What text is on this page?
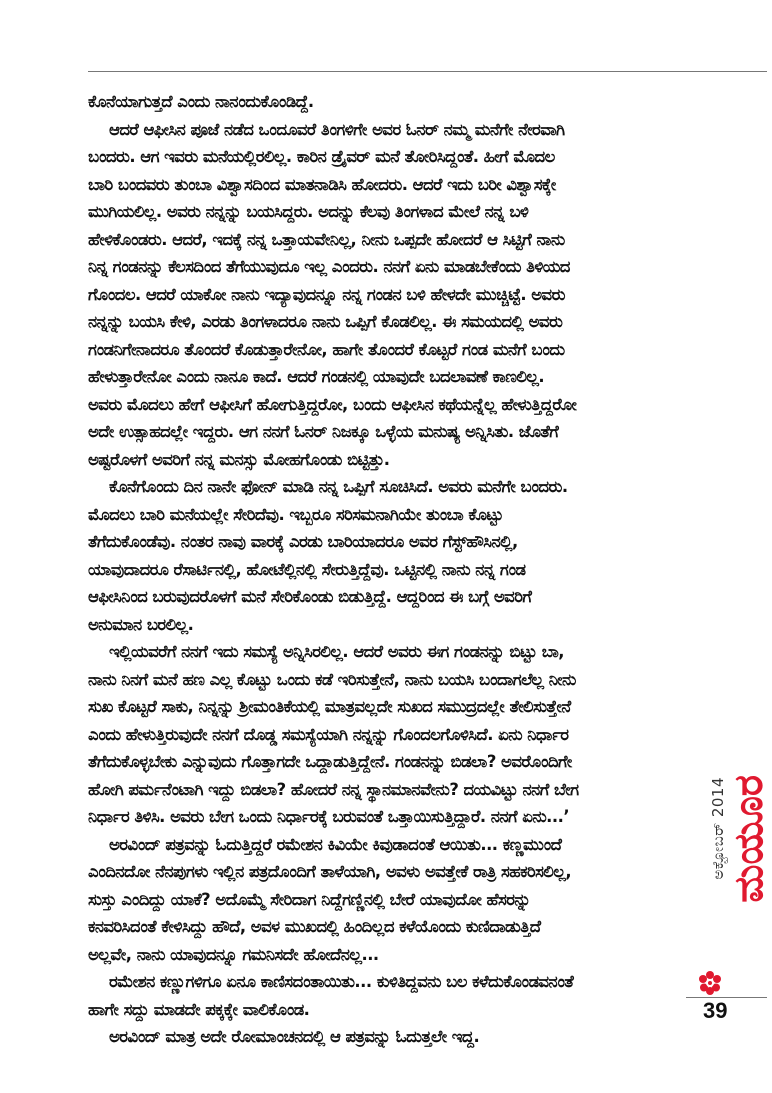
ಕೊನೆಯಾಗುತ್ತದೆ ಎಂದು ನಾನಂದುಕೊಂಡಿದ್ದೆ.

ಆದರೆ ಆಫೀಸಿನ ಪೂಜೆ ನಡೆದ ಒಂದೂವರೆ ತಿಂಗಳಿಗೇ ಅವರ ಓನರ್ ನಮ್ಮ ಮನೆಗೇ ನೇರವಾಗಿ

ಬಂದರು. ಆಗ ಇವರು ಮನೆಯಲ್ಲಿರಲಿಲ್ಲ. ಕಾರಿನ ಡ್ರೈವರ್ ಮನೆ ತೋರಿಸಿದ್ದಂತೆ. ಹೀಗೆ ಮೊದಲ

ಬಾರಿ ಬಂದವರು ತುಂಬಾ ವಿಶ್ವಾಸದಿಂದ ಮಾತನಾಡಿಸಿ ಹೋದರು. ಆದರೆ ಇದು ಬರೀ ವಿಶ್ವಾಸಕ್ಕೇ

ಮುಗಿಯಲಿಲ್ಲ. ಅವರು ನನ್ನನ್ನು ಬಯಸಿದ್ದರು. ಅದನ್ನು ಕೆಲವು ತಿಂಗಳಾದ ಮೇಲೆ ನನ್ನ ಬಳಿ

ಹೇಳಿಕೊಂಡರು. ಆದರೆ, ಇದಕ್ಕೆ ನನ್ನ ಒತ್ತಾಯವೇನಿಲ್ಲ, ನೀನು ಒಪ್ಪದೇ ಹೋದರೆ ಆ ಸಿಟ್ಟಿಗೆ ನಾನು

ನಿನ್ನ ಗಂಡನನ್ನು ಕೆಲಸದಿಂದ ತೆಗೆಯುವುದೂ ಇಲ್ಲ ಎಂದರು. ನನಗೆ ಏನು ಮಾಡಬೇಕೆಂದು ತಿಳಿಯದ

ಗೊಂದಲ. ಆದರೆ ಯಾಕೋ ನಾನು ಇದ್ಯಾವುದನ್ನೂ ನನ್ನ ಗಂಡನ ಬಳಿ ಹೇಳದೇ ಮುಚ್ಚಿಟ್ಟೆ. ಅವರು

ನನ್ನನ್ನು ಬಯಸಿ ಕೇಳಿ, ಎರಡು ತಿಂಗಳಾದರೂ ನಾನು ಒಪ್ಪಿಗೆ ಕೊಡಲಿಲ್ಲ. ಈ ಸಮಯದಲ್ಲಿ ಅವರು

ಗಂಡನಿಗೇನಾದರೂ ತೊಂದರೆ ಕೊಡುತ್ತಾರೇನೋ, ಹಾಗೇ ತೊಂದರೆ ಕೊಟ್ಟರೆ ಗಂಡ ಮನೆಗೆ ಬಂದು

ಹೇಳುತ್ತಾರೇನೋ ಎಂದು ನಾನೂ ಕಾದೆ. ಆದರೆ ಗಂಡನಲ್ಲಿ ಯಾವುದೇ ಬದಲಾವಣೆ ಕಾಣಲಿಲ್ಲ.

ಅವರು ಮೊದಲು ಹೇಗೆ ಆಫೀಸಿಗೆ ಹೋಗುತ್ತಿದ್ದರೋ, ಬಂದು ಆಫೀಸಿನ ಕಥೆಯನ್ನೆಲ್ಲ ಹೇಳುತ್ತಿದ್ದರೋ

ಅದೇ ಉತ್ಸಾಹದಲ್ಲೇ ಇದ್ದರು. ಆಗ ನನಗೆ ಓನರ್ ನಿಜಕ್ಕೂ ಒಳ್ಳೆಯ ಮನುಷ್ಯ ಅನ್ನಿಸಿತು. ಜೊತೆಗೆ

ಅಷ್ಟರೊಳಗೆ ಅವರಿಗೆ ನನ್ನ ಮನಸ್ಸು ಮೋಹಗೊಂಡು ಬಿಟ್ಟಿತ್ತು.

ಕೊನೆಗೊಂದು ದಿನ ನಾನೇ ಫೋನ್ ಮಾಡಿ ನನ್ನ ಒಪ್ಪಿಗೆ ಸೂಚಿಸಿದೆ. ಅವರು ಮನೆಗೇ ಬಂದರು.

ಮೊದಲು ಬಾರಿ ಮನೆಯಲ್ಲೇ ಸೇರಿದೆವು. ಇಬ್ಬರೂ ಸರಿಸಮನಾಗಿಯೇ ತುಂಬಾ ಕೊಟ್ಟು

ತೆಗೆದುಕೊಂಡೆವು. ನಂತರ ನಾವು ವಾರಕ್ಕೆ ಎರಡು ಬಾರಿಯಾದರೂ ಅವರ ಗೆಸ್ಟ್‌ಹೌಸಿನಲ್ಲಿ,

ಯಾವುದಾದರೂ ರೆಸಾರ್ಟಿನಲ್ಲಿ, ಹೋಟೆಲ್ಲಿನಲ್ಲಿ ಸೇರುತ್ತಿದ್ದೆವು. ಒಟ್ಟಿನಲ್ಲಿ ನಾನು ನನ್ನ ಗಂಡ

ಆಫೀಸಿನಿಂದ ಬರುವುದರೊಳಗೆ ಮನೆ ಸೇರಿಕೊಂಡು ಬಿಡುತ್ತಿದ್ದೆ. ಆದ್ದರಿಂದ ಈ ಬಗ್ಗೆ ಅವರಿಗೆ

ಅನುಮಾನ ಬರಲಿಲ್ಲ.

ಇಲ್ಲಿಯವರೆಗೆ ನನಗೆ ಇದು ಸಮಸ್ಯೆ ಅನ್ನಿಸಿರಲಿಲ್ಲ. ಆದರೆ ಅವರು ಈಗ ಗಂಡನನ್ನು ಬಿಟ್ಟು ಬಾ,

ನಾನು ನಿನಗೆ ಮನೆ ಹಣ ಎಲ್ಲ ಕೊಟ್ಟು ಒಂದು ಕಡೆ ಇರಿಸುತ್ತೇನೆ, ನಾನು ಬಯಸಿ ಬಂದಾಗಲೆಲ್ಲ ನೀನು

ಸುಖ ಕೊಟ್ಟರೆ ಸಾಕು, ನಿನ್ನನ್ನು ಶ್ರೀಮಂತಿಕೆಯಲ್ಲಿ ಮಾತ್ರವಲ್ಲದೇ ಸುಖದ ಸಮುದ್ರದಲ್ಲೇ ತೇಲಿಸುತ್ತೇನೆ

ಎಂದು ಹೇಳುತ್ತಿರುವುದೇ ನನಗೆ ದೊಡ್ಡ ಸಮಸ್ಯೆಯಾಗಿ ನನ್ನನ್ನು ಗೊಂದಲಗೊಳಿಸಿದೆ. ಏನು ನಿರ್ಧಾರ

ತೆಗೆದುಕೊಳ್ಳಬೇಕು ಎನ್ನುವುದು ಗೊತ್ತಾಗದೇ ಒದ್ದಾಡುತ್ತಿದ್ದೇನೆ. ಗಂಡನನ್ನು ಬಿಡಲಾ? ಅವರೊಂದಿಗೇ

ಹೋಗಿ ಪರ್ಮನೆಂಟಾಗಿ ಇದ್ದು ಬಿಡಲಾ? ಹೋದರೆ ನನ್ನ ಸ್ಥಾನಮಾನವೇನು? ದಯವಿಟ್ಟು ನನಗೆ ಬೇಗ

ನಿರ್ಧಾರ ತಿಳಿಸಿ. ಅವರು ಬೇಗ ಒಂದು ನಿರ್ಧಾರಕ್ಕೆ ಬರುವಂತೆ ಒತ್ತಾಯಿಸುತ್ತಿದ್ದಾರೆ. ನನಗೆ ಏನು...’

ಅರವಿಂದ್ ಪತ್ರವನ್ನು ಓದುತ್ತಿದ್ದರೆ ರಮೇಶನ ಕಿವಿಯೇ ಕಿವುಡಾದಂತೆ ಆಯಿತು... ಕಣ್ಣಮುಂದೆ

ಎಂದಿನದೋ ನೆನಪುಗಳು ಇಲ್ಲಿನ ಪತ್ರದೊಂದಿಗೆ ತಾಳೆಯಾಗಿ, ಅವಳು ಅವತ್ತೇಕೆ ರಾತ್ರಿ ಸಹಕರಿಸಲಿಲ್ಲ,

ಸುಸ್ತು ಎಂದಿದ್ದು ಯಾಕೆ? ಅದೊಮ್ಮೆ ಸೇರಿದಾಗ ನಿದ್ದೆಗಣ್ಣಿನಲ್ಲಿ ಬೇರೆ ಯಾವುದೋ ಹೆಸರನ್ನು

ಕನವರಿಸಿದಂತೆ ಕೇಳಿಸಿದ್ದು ಹೌದೆ, ಅವಳ ಮುಖದಲ್ಲಿ ಹಿಂದಿಲ್ಲದ ಕಳೆಯೊಂದು ಕುಣಿದಾಡುತ್ತಿದೆ

ಅಲ್ಲವೇ, ನಾನು ಯಾವುದನ್ನೂ ಗಮನಿಸದೇ ಹೋದೆನಲ್ಲ...

ರಮೇಶನ ಕಣ್ಣುಗಳಿಗೂ ಏನೂ ಕಾಣಿಸದಂತಾಯಿತು... ಕುಳಿತಿದ್ದವನು ಬಲ ಕಳೆದುಕೊಂಡವನಂತೆ

ಹಾಗೇ ಸದ್ದು ಮಾಡದೇ ಪಕ್ಕಕ್ಕೇ ವಾಲಿಕೊಂಡ.

ಅರವಿಂದ್ ಮಾತ್ರ ಅದೇ ರೋಮಾಂಚನದಲ್ಲಿ ಆ ಪತ್ರವನ್ನು ಓದುತ್ತಲೇ ಇದ್ದ.

ಅಕ್ಟೋಬರ್ 2014 ಮಯೂರ
39
